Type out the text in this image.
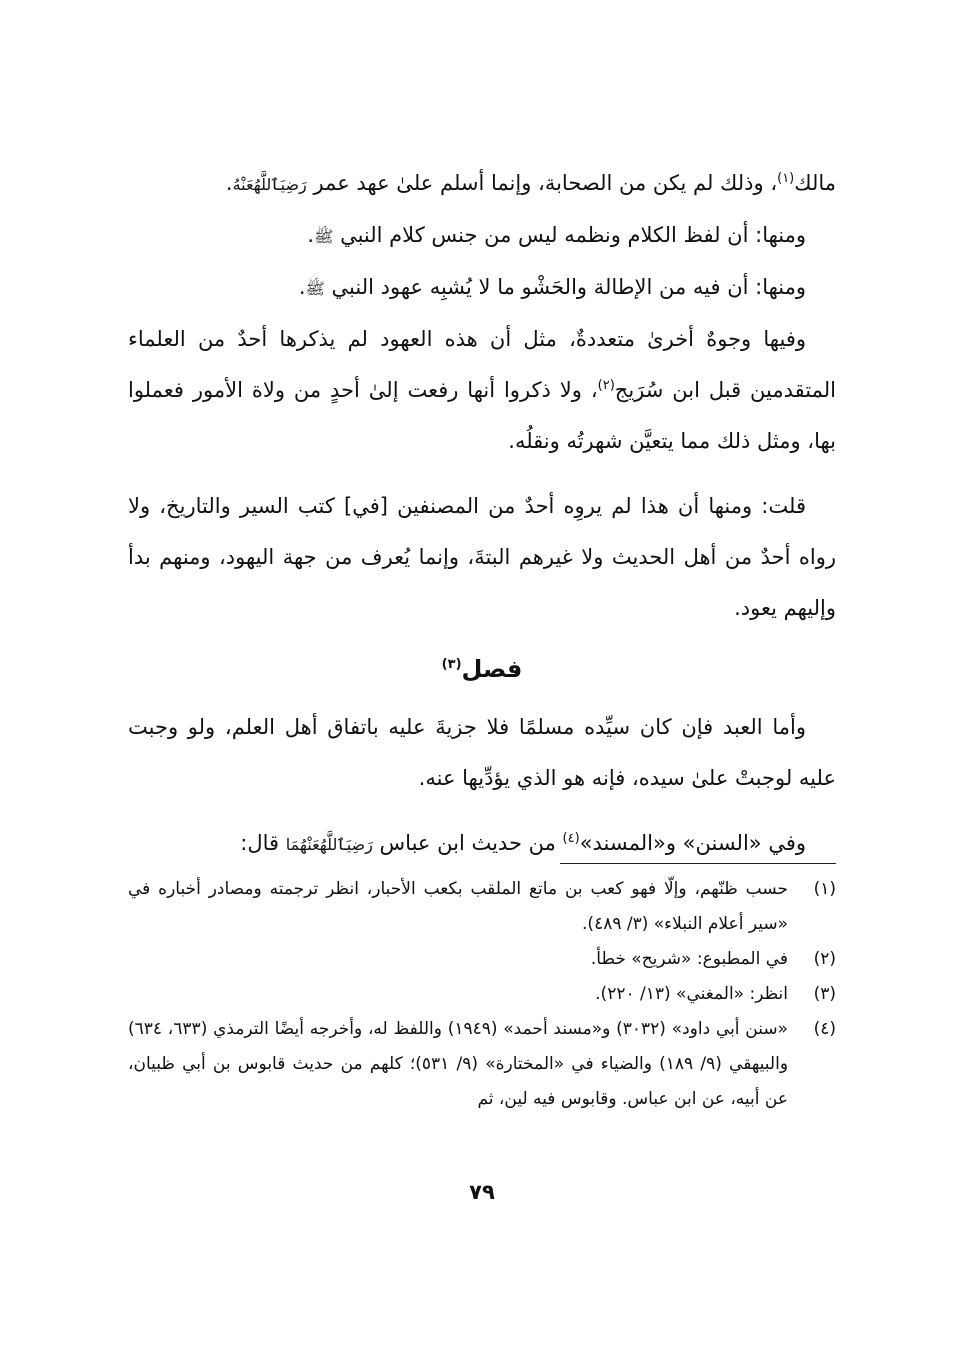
مالك$^{(١)}$، وذلك لم يكن من الصحابة، وإنما أسلم علىٰ عهد عمر رَضِيَٱللَّهُعَنْهُ.

ومنها: أن لفظ الكلام ونظمه ليس من جنس كلام النبي ﷺ.

ومنها: أن فيه من الإطالة والحَشْو ما لا يُشبِه عهود النبي ﷺ.

وفيها وجوهٌ أخرىٰ متعددةٌ، مثل أن هذه العهود لم يذكرها أحدٌ من العلماء المتقدمين قبل ابن سُرَيج$^{(٢)}$، ولا ذكروا أنها رفعت إلىٰ أحدٍ من ولاة الأمور فعملوا بها، ومثل ذلك مما يتعيَّن شهرتُه ونقلُه.

قلت: ومنها أن هذا لم يروِه أحدٌ من المصنفين [في] كتب السير والتاريخ، ولا رواه أحدٌ من أهل الحديث ولا غيرهم البتةَ، وإنما يُعرف من جهة اليهود، ومنهم بدأ وإليهم يعود.

فصل$^{(٣)}$

وأما العبد فإن كان سيِّده مسلمًا فلا جزيةَ عليه باتفاق أهل العلم، ولو وجبت عليه لوجبتْ علىٰ سيده، فإنه هو الذي يؤدِّيها عنه.

وفي «السنن» و«المسند»$^{(٤)}$ من حديث ابن عباس رَضِيَٱللَّهُعَنْهُمَا قال:

(١)
حسب ظنّهم، وإلّا فهو كعب بن ماتع الملقب بكعب الأحبار، انظر ترجمته ومصادر أخباره في «سير أعلام النبلاء» (٣/ ٤٨٩).
(٢)
في المطبوع: «شريح» خطأ.
(٣)
انظر: «المغني» (١٣/ ٢٢٠).
(٤)
«سنن أبي داود» (٣٠٣٢) و«مسند أحمد» (١٩٤٩) واللفظ له، وأخرجه أيضًا الترمذي (٦٣٣، ٦٣٤) والبيهقي (٩/ ١٨٩) والضياء في «المختارة» (٩/ ٥٣١)؛ كلهم من حديث قابوس بن أبي ظبيان، عن أبيه، عن ابن عباس. وقابوس فيه لين، ثم
٧٩
